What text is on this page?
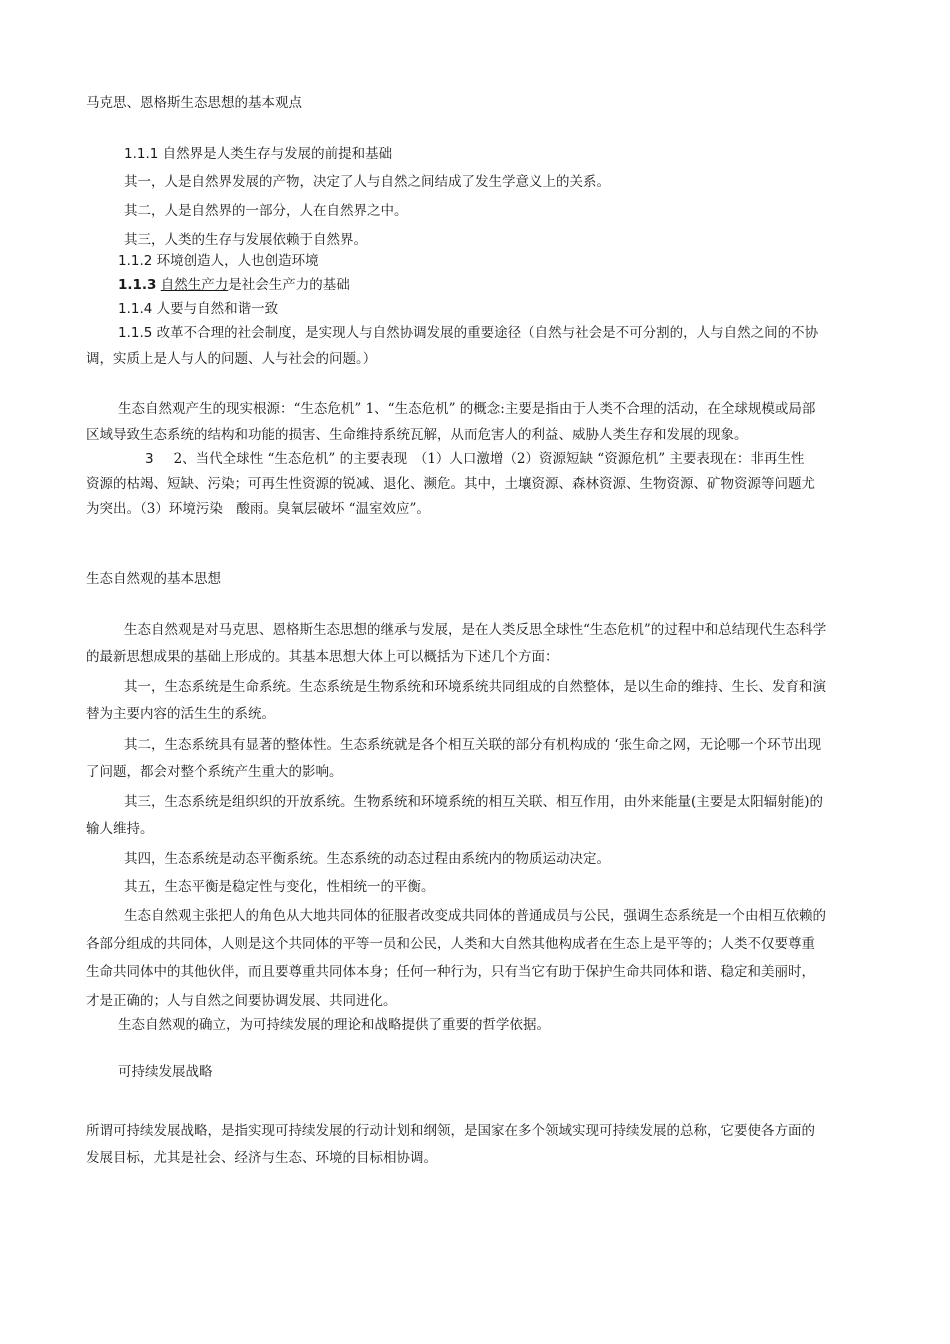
马克思、恩格斯生态思想的基本观点
1.1.1 自然界是人类生存与发展的前提和基础
其一，人是自然界发展的产物，决定了人与自然之间结成了发生学意义上的关系。
其二，人是自然界的一部分，人在自然界之中。
其三，人类的生存与发展依赖于自然界。
1.1.2 环境创造人，人也创造环境
1.1.3 自然生产力是社会生产力的基础
1.1.4 人要与自然和谐一致
1.1.5 改革不合理的社会制度，是实现人与自然协调发展的重要途径（自然与社会是不可分割的，人与自然之间的不协
调，实质上是人与人的问题、人与社会的问题。）
生态自然观产生的现实根源：“生态危机” 1、“生态危机” 的概念:主要是指由于人类不合理的活动，在全球规模或局部
区域导致生态系统的结构和功能的损害、生命维持系统瓦解，从而危害人的利益、威胁人类生存和发展的现象。
3 2、当代全球性 “生态危机” 的主要表现　（1）人口激增（2）资源短缺 “资源危机” 主要表现在：非再生性
资源的枯竭、短缺、污染；可再生性资源的锐减、退化、濒危。其中，土壤资源、森林资源、生物资源、矿物资源等问题尤
为突出。（3）环境污染　酸雨。臭氧层破坏 “温室效应”。
生态自然观的基本思想
生态自然观是对马克思、恩格斯生态思想的继承与发展，是在人类反思全球性“生态危机”的过程中和总结现代生态科学
的最新思想成果的基础上形成的。其基本思想大体上可以概括为下述几个方面：
其一，生态系统是生命系统。生态系统是生物系统和环境系统共同组成的自然整体，是以生命的维持、生长、发育和演
替为主要内容的活生生的系统。
其二，生态系统具有显著的整体性。生态系统就是各个相互关联的部分有机构成的 ‘张生命之网，无论哪一个环节出现
了问题，都会对整个系统产生重大的影响。
其三，生态系统是组织织的开放系统。生物系统和环境系统的相互关联、相互作用，由外来能量(主要是太阳辐射能)的
输人维持。
其四，生态系统是动态平衡系统。生态系统的动态过程由系统内的物质运动决定。
其五，生态平衡是稳定性与变化，性相统一的平衡。
生态自然观主张把人的角色从大地共同体的征服者改变成共同体的普通成员与公民，强调生态系统是一个由相互依赖的
各部分组成的共同体，人则是这个共同体的平等一员和公民，人类和大自然其他构成者在生态上是平等的；人类不仅要尊重
生命共同体中的其他伙伴，而且要尊重共同体本身；任何一种行为，只有当它有助于保护生命共同体和谐、稳定和美丽时，
才是正确的；人与自然之间要协调发展、共同进化。
生态自然观的确立，为可持续发展的理论和战略提供了重要的哲学依据。
可持续发展战略
所谓可持续发展战略，是指实现可持续发展的行动计划和纲领，是国家在多个领域实现可持续发展的总称，它要使各方面的
发展目标，尤其是社会、经济与生态、环境的目标相协调。
